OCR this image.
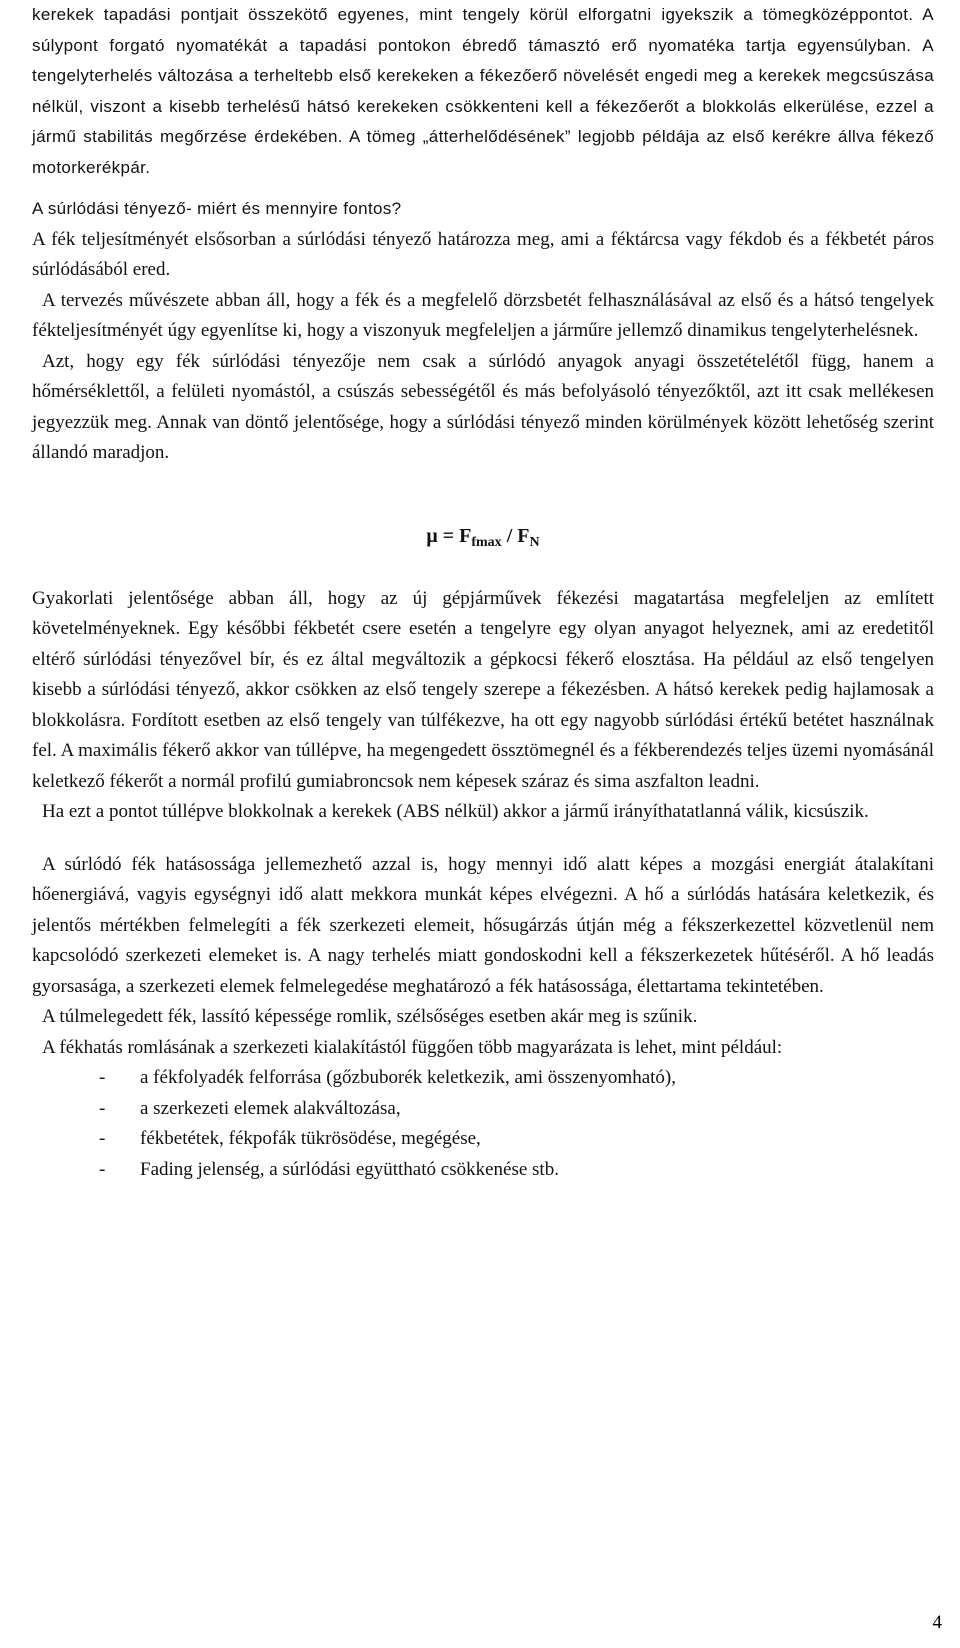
kerekek tapadási pontjait összekötő egyenes, mint tengely körül elforgatni igyekszik a tömegközéppontot. A súlypont forgató nyomatékát a tapadási pontokon ébredő támasztó erő nyomatéka tartja egyensúlyban. A tengelyterhelés változása a terheltebb első kerekeken a fékezőerő növelését engedi meg a kerekek megcsúszása nélkül, viszont a kisebb terhelésű hátsó kerekeken csökkenteni kell a fékezőerőt a blokkolás elkerülése, ezzel a jármű stabilitás megőrzése érdekében. A tömeg „átterhelődésének” legjobb példája az első kerékre állva fékező motorkerékpár.

A súrlódási tényező- miért és mennyire fontos?

A fék teljesítményét elsősorban a súrlódási tényező határozza meg, ami a féktárcsa vagy fékdob és a fékbetét páros súrlódásából ered.

A tervezés művészete abban áll, hogy a fék és a megfelelő dörzsbetét felhasználásával az első és a hátsó tengelyek fékteljesítményét úgy egyenlítse ki, hogy a viszonyuk megfeleljen a járműre jellemző dinamikus tengelyterhelésnek.

Azt, hogy egy fék súrlódási tényezője nem csak a súrlódó anyagok anyagi összetételétől függ, hanem a hőmérséklettől, a felületi nyomástól, a csúszás sebességétől és más befolyásoló tényezőktől, azt itt csak mellékesen jegyezzük meg. Annak van döntő jelentősége, hogy a súrlódási tényező minden körülmények között lehetőség szerint állandó maradjon.

$\mu = F_{fmax} / F_N$

Gyakorlati jelentősége abban áll, hogy az új gépjárművek fékezési magatartása megfeleljen az említett követelményeknek. Egy későbbi fékbetét csere esetén a tengelyre egy olyan anyagot helyeznek, ami az eredetitől eltérő súrlódási tényezővel bír, és ez által megváltozik a gépkocsi fékerő elosztása. Ha például az első tengelyen kisebb a súrlódási tényező, akkor csökken az első tengely szerepe a fékezésben. A hátsó kerekek pedig hajlamosak a blokkolásra. Fordított esetben az első tengely van túlfékezve, ha ott egy nagyobb súrlódási értékű betétet használnak fel. A maximális fékerő akkor van túllépve, ha megengedett össztömegnél és a fékberendezés teljes üzemi nyomásánál keletkező fékerőt a normál profilú gumiabroncsok nem képesek száraz és sima aszfalton leadni.

Ha ezt a pontot túllépve blokkolnak a kerekek (ABS nélkül) akkor a jármű irányíthatatlanná válik, kicsúszik.

A súrlódó fék hatásossága jellemezhető azzal is, hogy mennyi idő alatt képes a mozgási energiát átalakítani hőenergiává, vagyis egységnyi idő alatt mekkora munkát képes elvégezni. A hő a súrlódás hatására keletkezik, és jelentős mértékben felmelegíti a fék szerkezeti elemeit, hősugárzás útján még a fékszerkezettel közvetlenül nem kapcsolódó szerkezeti elemeket is. A nagy terhelés miatt gondoskodni kell a fékszerkezetek hűtéséről. A hő leadás gyorsasága, a szerkezeti elemek felmelegedése meghatározó a fék hatásossága, élettartama tekintetében.

A túlmelegedett fék, lassító képessége romlik, szélsőséges esetben akár meg is szűnik.

A fékhatás romlásának a szerkezeti kialakítástól függően több magyarázata is lehet, mint például:

-	a fékfolyadék felforrása (gőzbuborék keletkezik, ami összenyomható),
-	a szerkezeti elemek alakváltozása,
-	fékbetétek, fékpofák tükrösödése, megégése,
-	Fading jelenség, a súrlódási együttható csökkenése stb.
4
